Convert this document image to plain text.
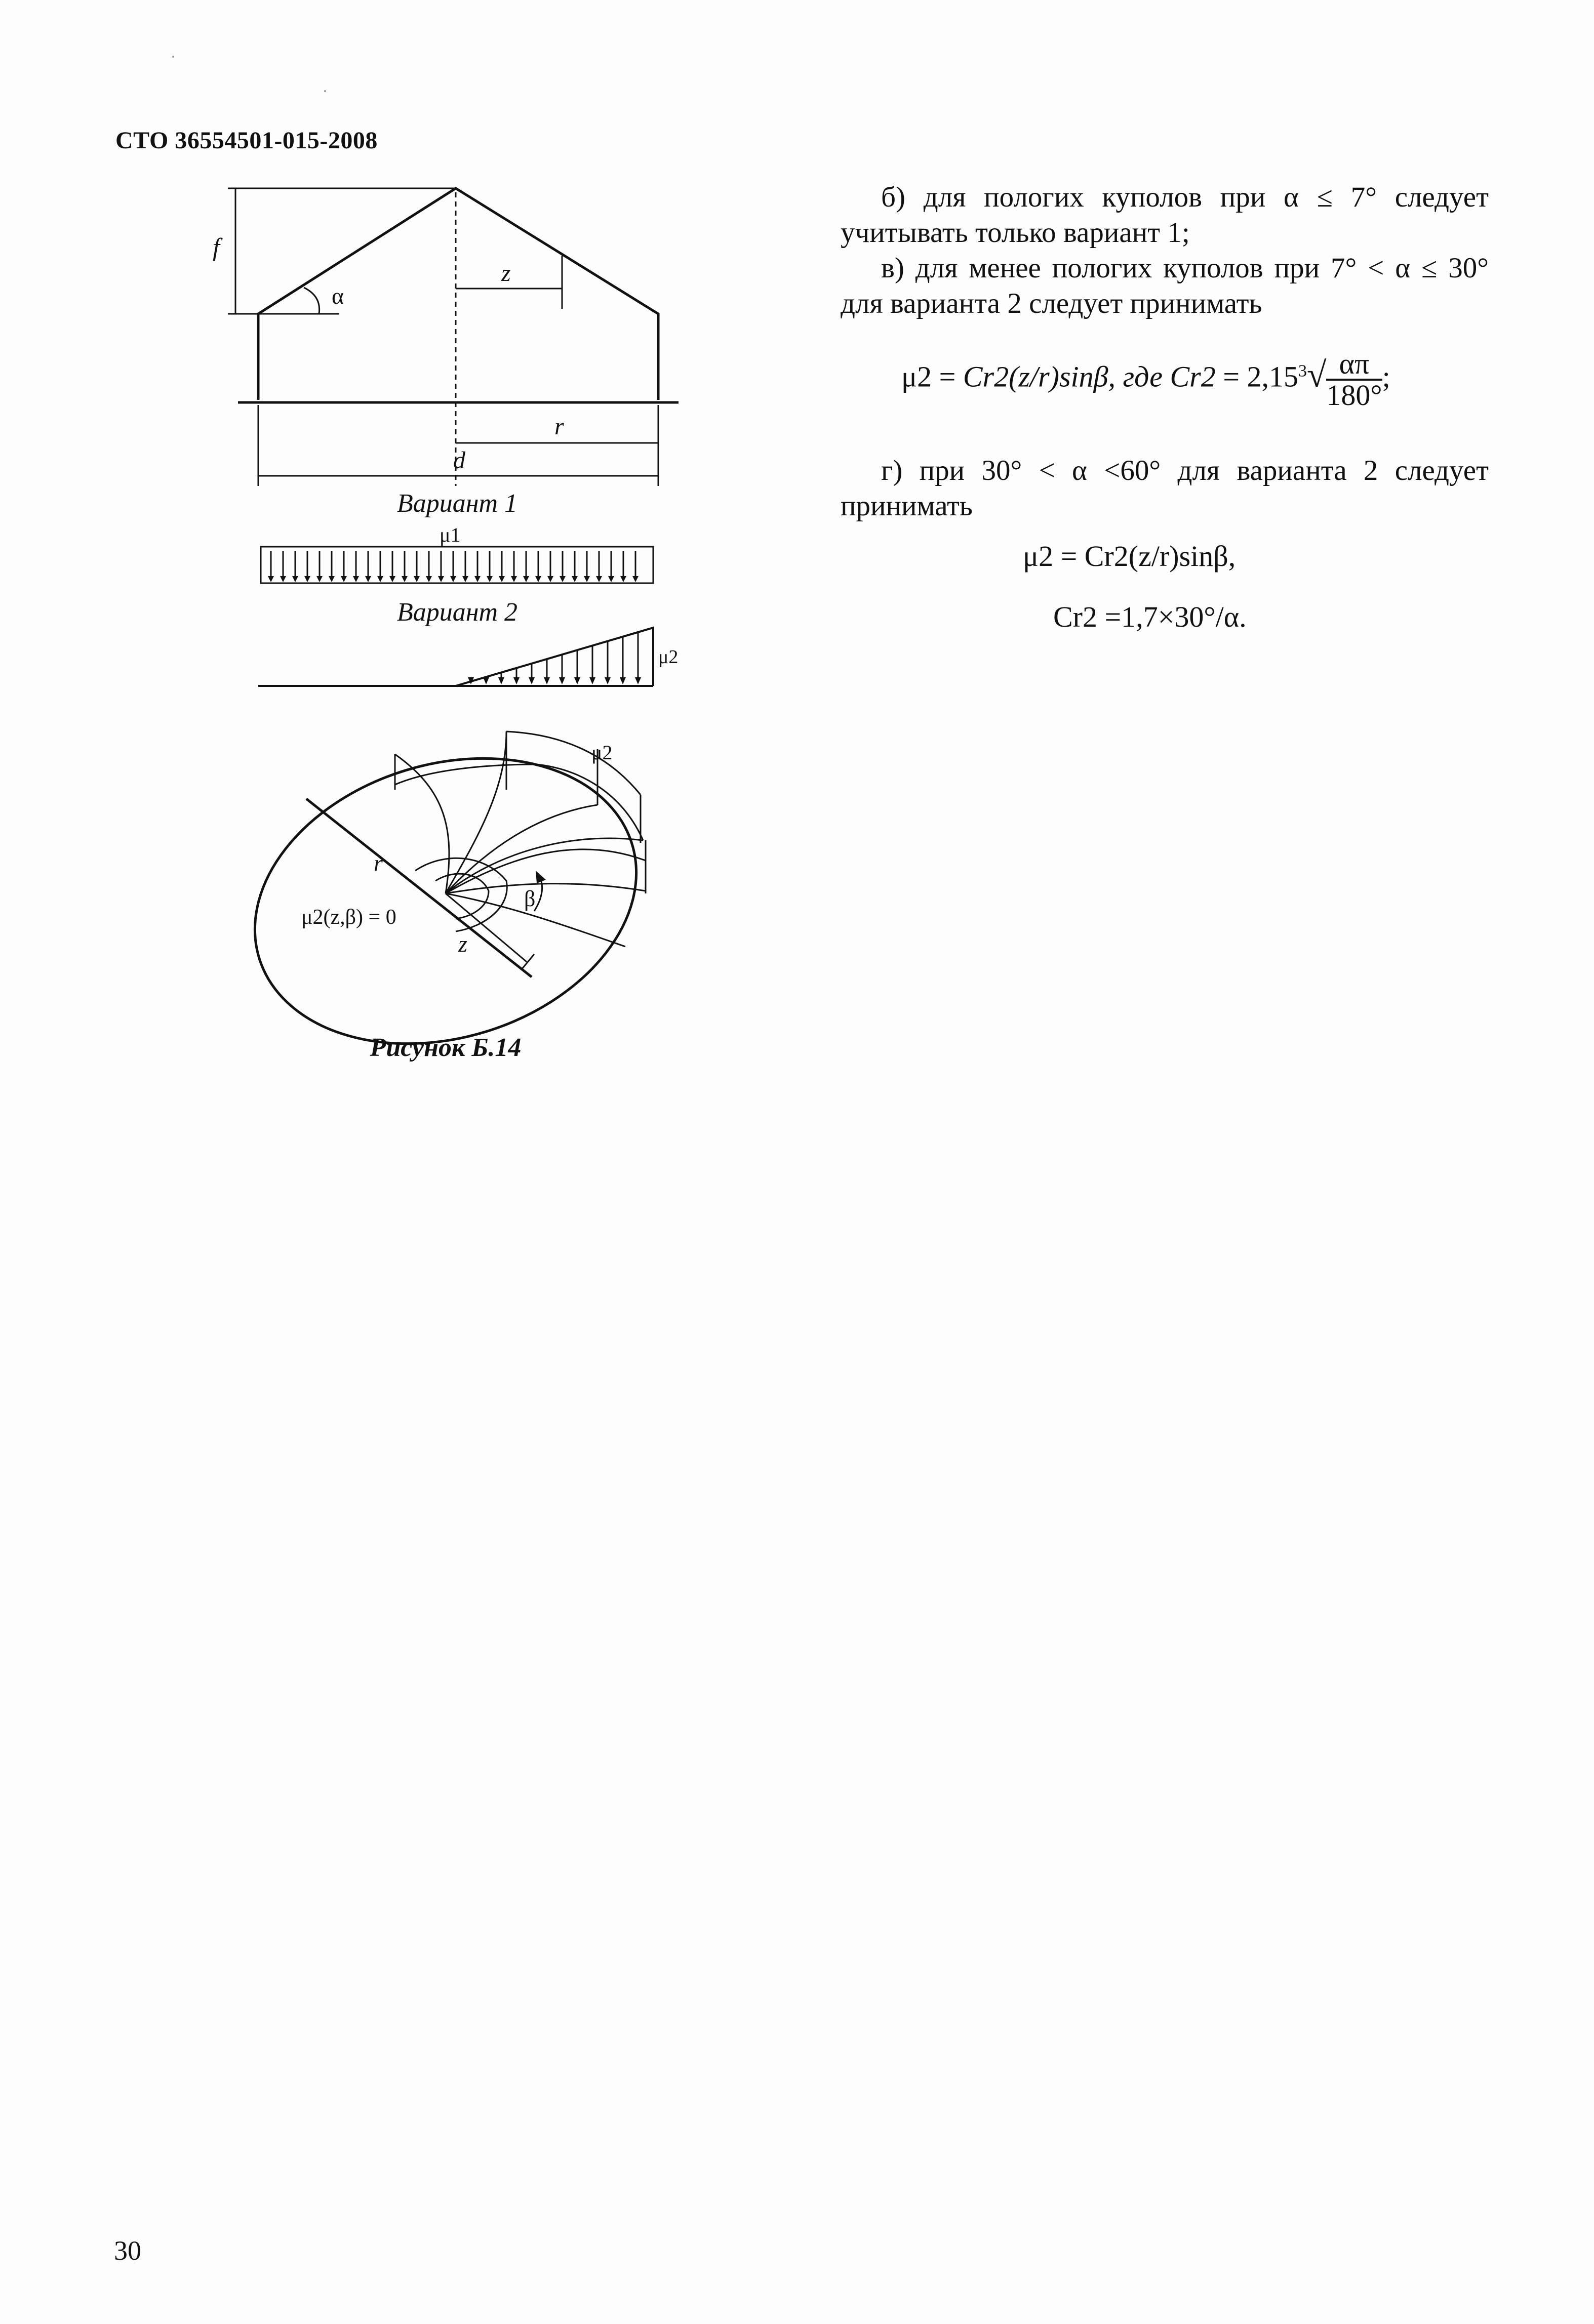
СТО 36554501-015-2008
f
α
z
r
d
μ1
μ2
β
μ2
r
z
μ2(z,β) = 0
Вариант 1
Вариант 2
Рисунок Б.14
б) для пологих куполов при α ≤ 7° следует учитывать только вариант 1;
в) для менее пологих куполов при 7° < α ≤ 30° для варианта 2 следует принимать
μ2 = Cr2(z/r)sinβ, где $Cr2 = 2,15^3√ \frac{\alpha\pi}{180^\circ}$ ;
г) при 30° < α <60° для варианта 2 следует принимать
μ2 = Cr2(z/r)sinβ,
Cr2 =1,7×30°/α.
30
